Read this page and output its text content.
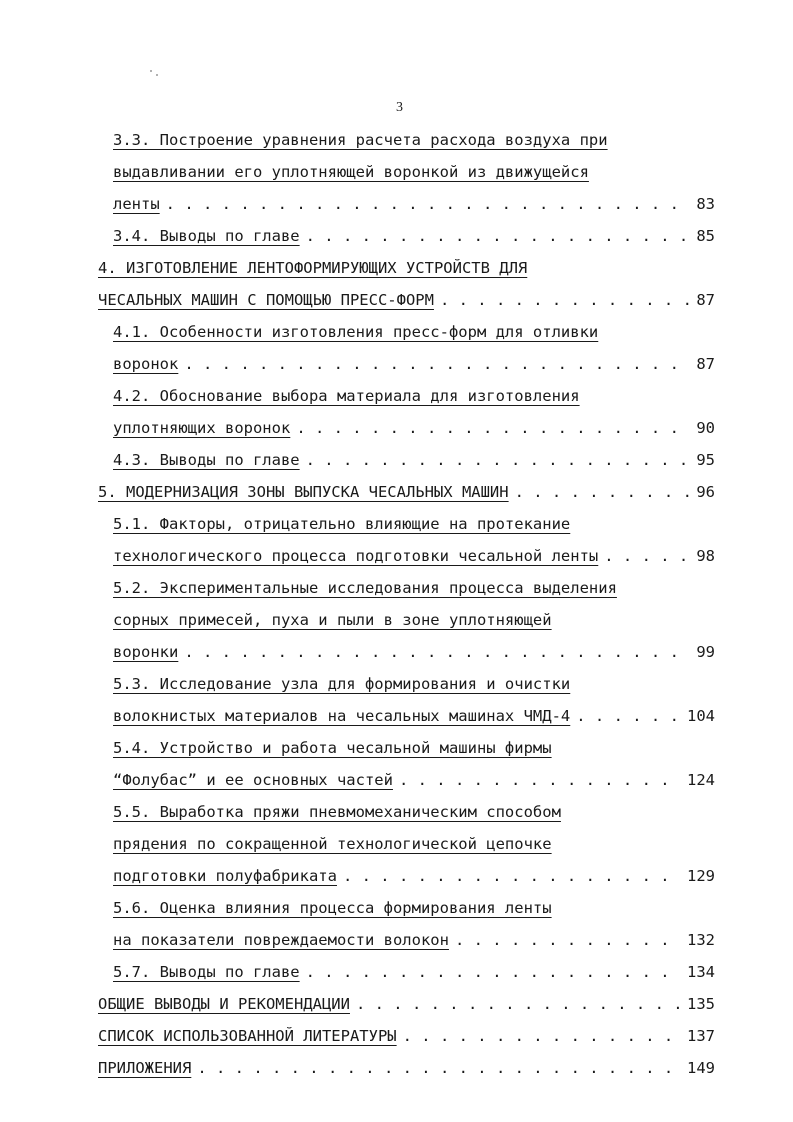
3
3.3. Построение уравнения расчета расхода воздуха при
выдавливании его уплотняющей воронкой из движущейся
ленты . . .	83
3.4. Выводы по главе . . .	85
4. ИЗГОТОВЛЕНИЕ ЛЕНТОФОРМИРУЮЩИХ УСТРОЙСТВ ДЛЯ
ЧЕСАЛЬНЫХ МАШИН С ПОМОЩЬЮ ПРЕСС-ФОРМ . . .	87
4.1. Особенности изготовления пресс-форм для отливки
воронок . . .	87
4.2. Обоснование выбора материала для изготовления
уплотняющих воронок . . .	90
4.3. Выводы по главе . . .	95
5. МОДЕРНИЗАЦИЯ ЗОНЫ ВЫПУСКА ЧЕСАЛЬНЫХ МАШИН . . .	96
5.1. Факторы, отрицательно влияющие на протекание
технологического процесса подготовки чесальной ленты . . .	98
5.2. Экспериментальные исследования процесса выделения
сорных примесей, пуха и пыли в зоне уплотняющей
воронки . . .	99
5.3. Исследование узла для формирования и очистки
волокнистых материалов на чесальных машинах ЧМД-4 . . .	104
5.4. Устройство и работа чесальной машины фирмы
“Фолубас” и ее основных частей . . .	124
5.5. Выработка пряжи пневмомеханическим способом
прядения по сокращенной технологической цепочке
подготовки полуфабриката . . .	129
5.6. Оценка влияния процесса формирования ленты
на показатели повреждаемости волокон . . .	132
5.7. Выводы по главе . . .	134
ОБЩИЕ ВЫВОДЫ И РЕКОМЕНДАЦИИ . . .	135
СПИСОК ИСПОЛЬЗОВАННОЙ ЛИТЕРАТУРЫ . . .	137
ПРИЛОЖЕНИЯ . . .	149
